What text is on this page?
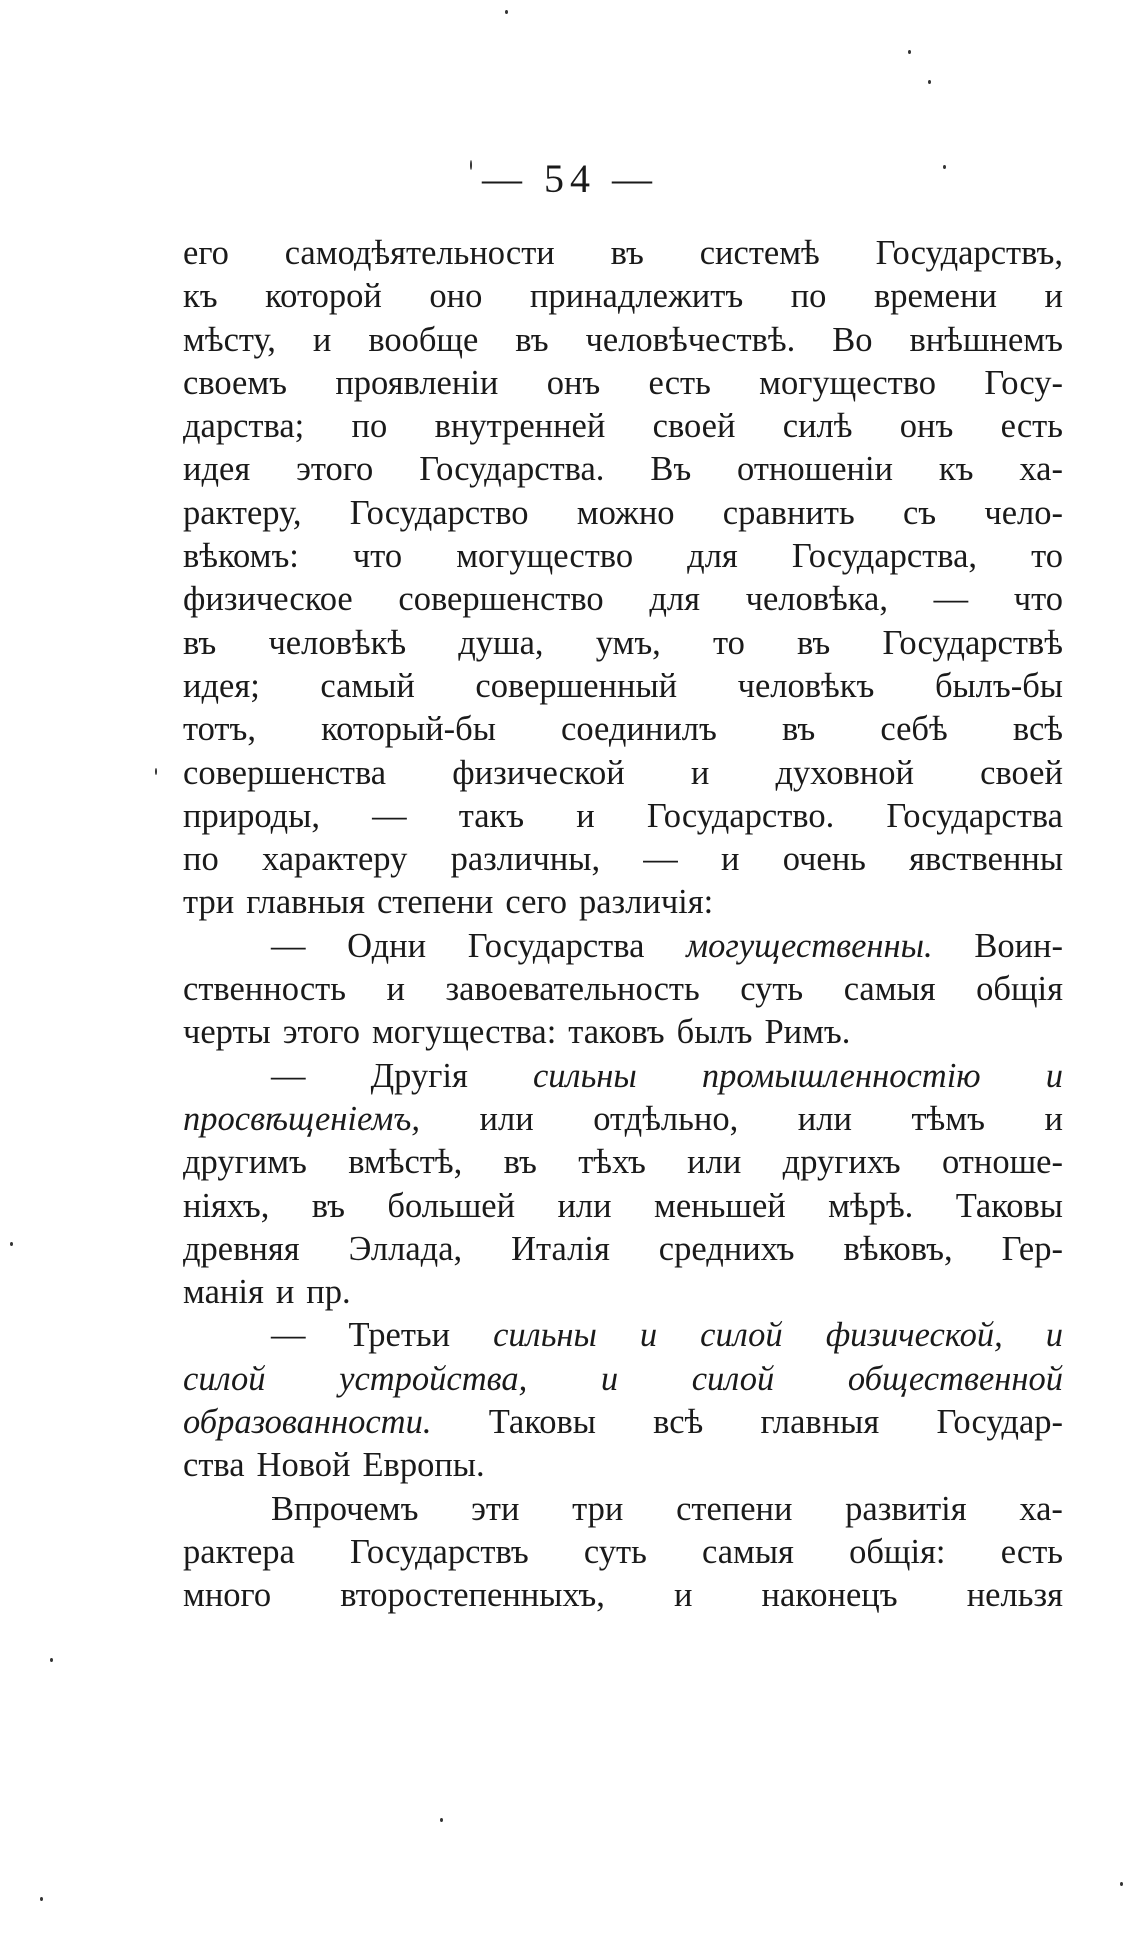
— 54 —
его самодѣятельности въ системѣ Государствъ,
къ которой оно принадлежитъ по времени и
мѣсту, и вообще въ человѣчествѣ. Во внѣшнемъ
своемъ проявленіи онъ есть могущество Госу-
дарства; по внутренней своей силѣ онъ есть
идея этого Государства. Въ отношеніи къ ха-
рактеру, Государство можно сравнить съ чело-
вѣкомъ: что могущество для Государства, то
физическое совершенство для человѣка, — что
въ человѣкѣ душа, умъ, то въ Государствѣ
идея; самый совершенный человѣкъ былъ-бы
тотъ, который-бы соединилъ въ себѣ всѣ
совершенства физической и духовной своей
природы, — такъ и Государство. Государства
по характеру различны, — и очень явственны
три главныя степени сего различія:
— Одни Государства могущественны. Воин-
ственность и завоевательность суть самыя общія
черты этого могущества: таковъ былъ Римъ.
— Другія сильны промышленностію и
просвѣщеніемъ, или отдѣльно, или тѣмъ и
другимъ вмѣстѣ, въ тѣхъ или другихъ отноше-
ніяхъ, въ большей или меньшей мѣрѣ. Таковы
древняя Эллада, Италія среднихъ вѣковъ, Гер-
манія и пр.
— Третьи сильны и силой физической, и
силой устройства, и силой общественной
образованности. Таковы всѣ главныя Государ-
ства Новой Европы.
Впрочемъ эти три степени развитія ха-
рактера Государствъ суть самыя общія: есть
много второстепенныхъ, и наконецъ нельзя
